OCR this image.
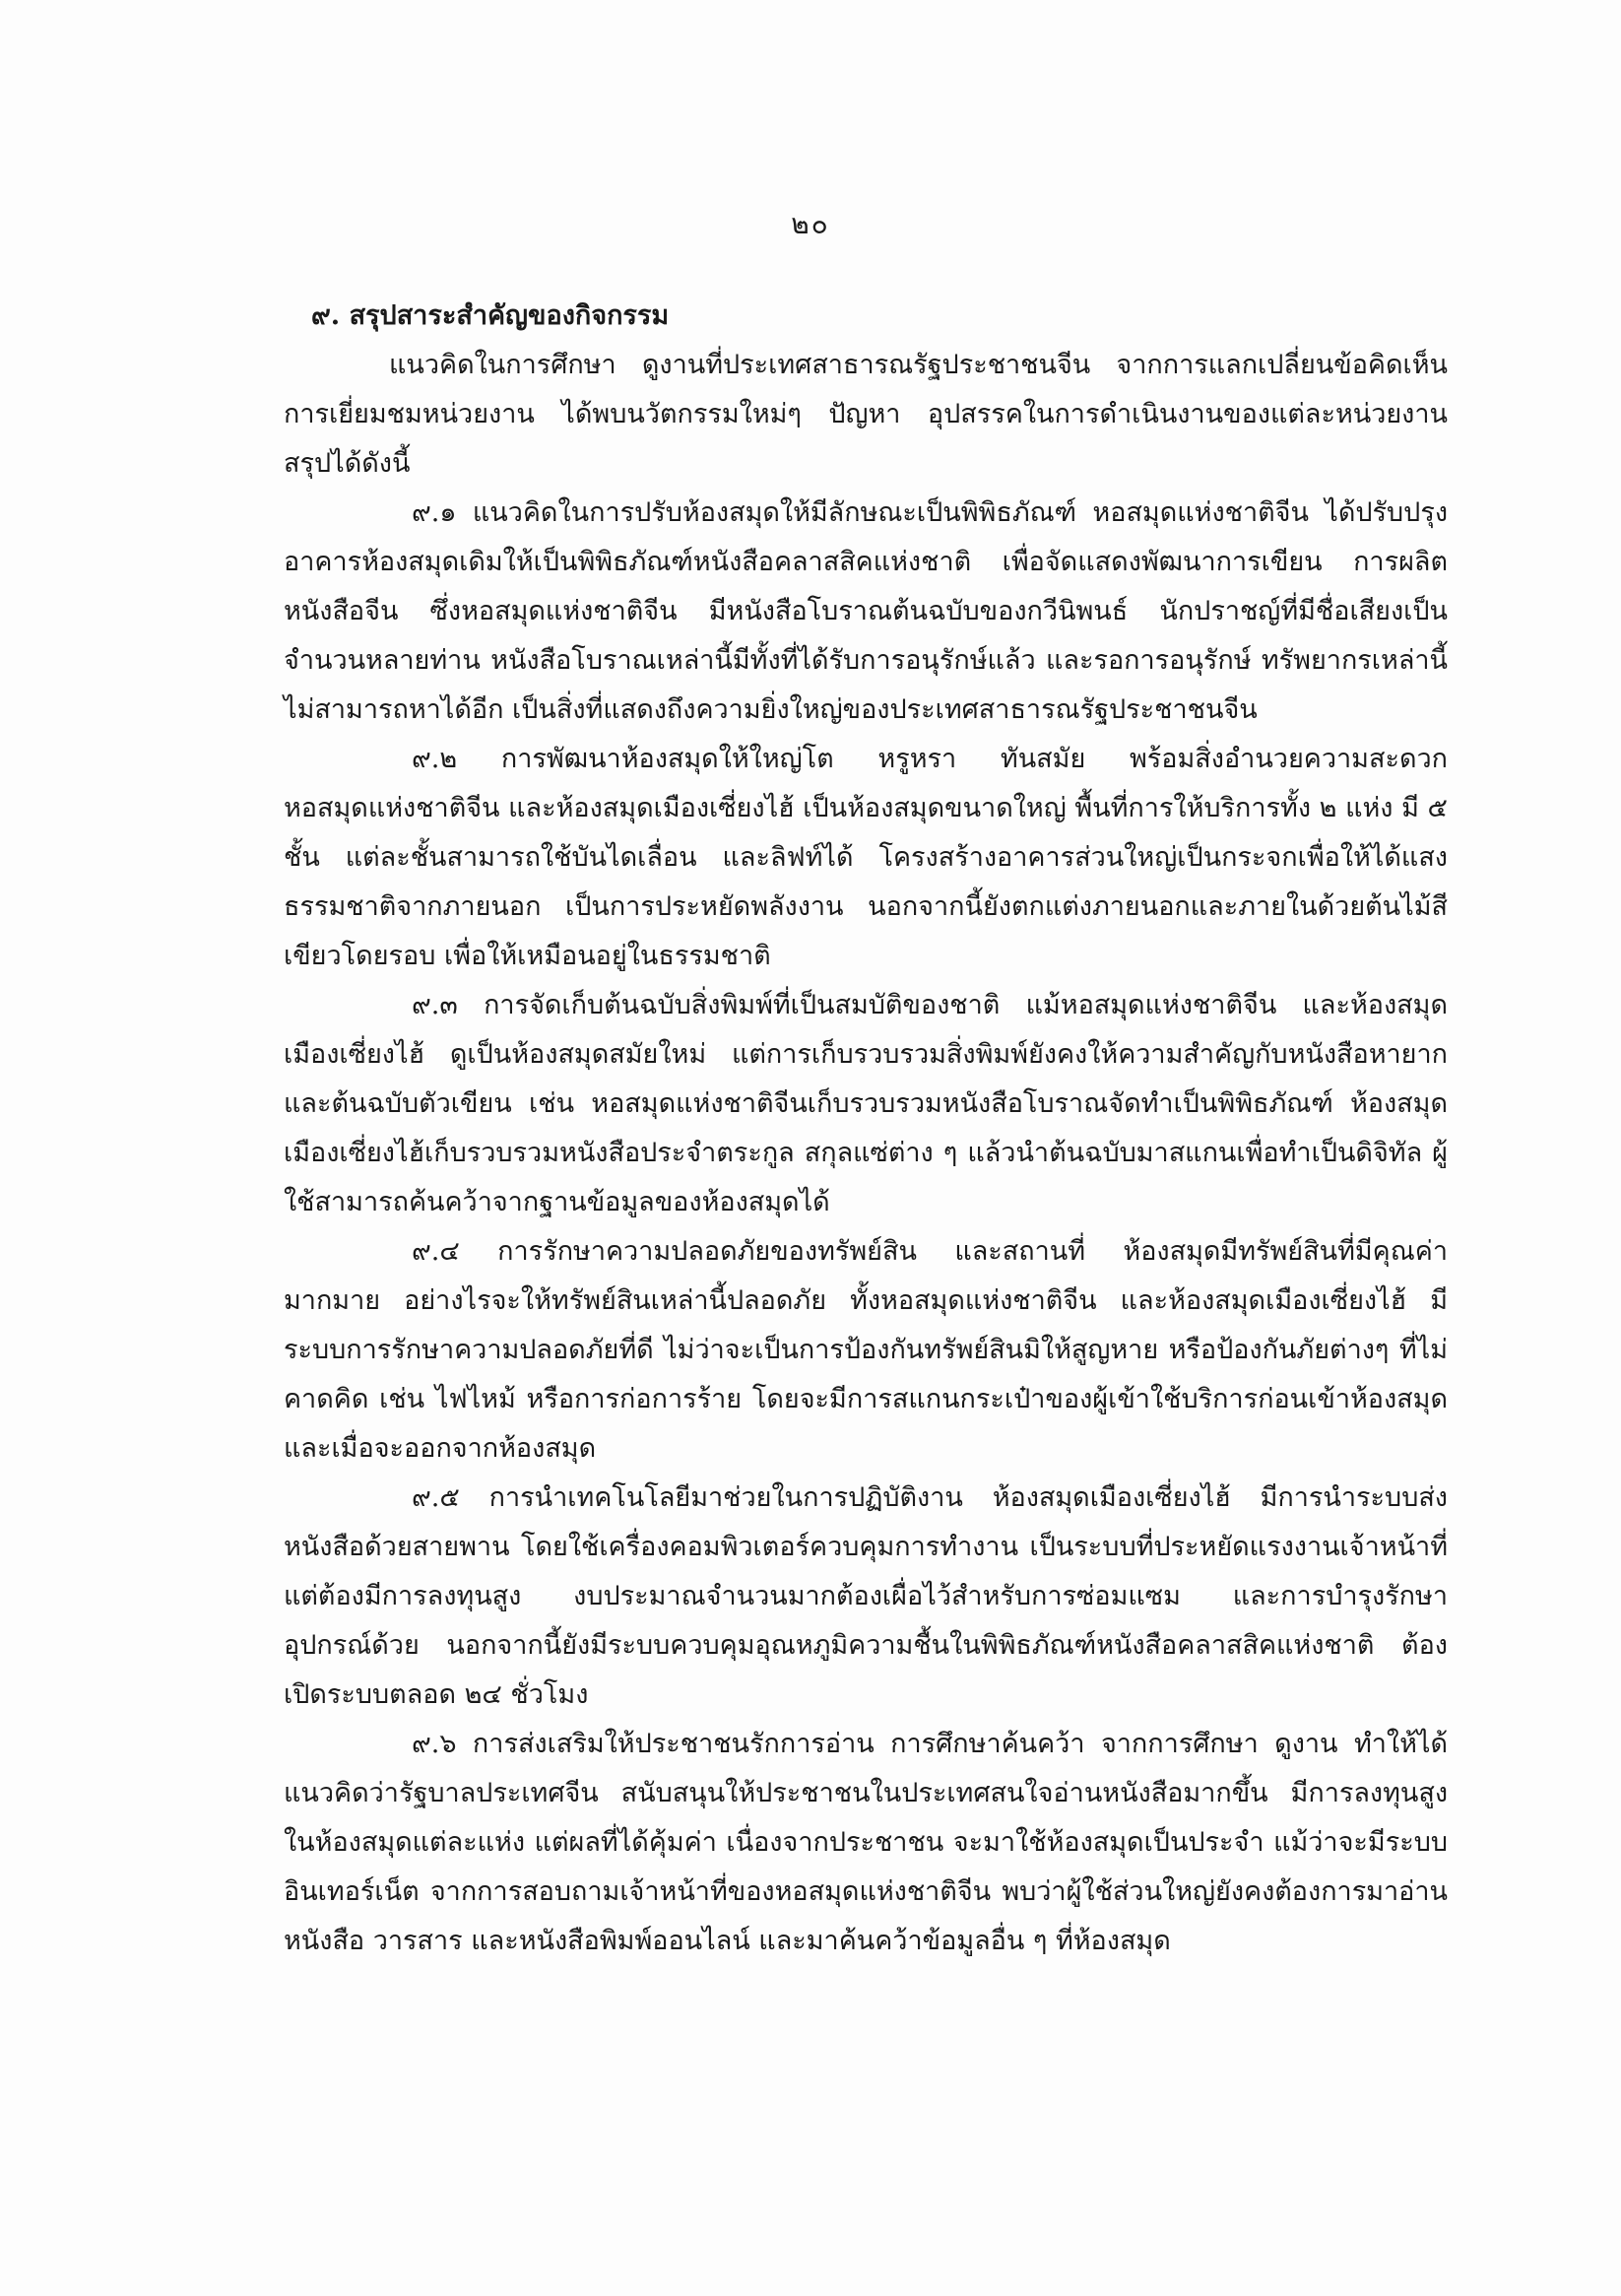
๒๐

๙. สรุปสาระสำคัญของกิจกรรม

แนวคิดในการศึกษา ดูงานที่ประเทศสาธารณรัฐประชาชนจีน จากการแลกเปลี่ยนข้อคิดเห็น การเยี่ยมชมหน่วยงาน ได้พบนวัตกรรมใหม่ๆ ปัญหา อุปสรรคในการดำเนินงานของแต่ละหน่วยงาน สรุปได้ดังนี้

๙.๑ แนวคิดในการปรับห้องสมุดให้มีลักษณะเป็นพิพิธภัณฑ์ หอสมุดแห่งชาติจีน ได้ปรับปรุงอาคารห้องสมุดเดิมให้เป็นพิพิธภัณฑ์หนังสือคลาสสิคแห่งชาติ เพื่อจัดแสดงพัฒนาการเขียน การผลิตหนังสือจีน ซึ่งหอสมุดแห่งชาติจีน มีหนังสือโบราณต้นฉบับของกวีนิพนธ์ นักปราชญ์ที่มีชื่อเสียงเป็นจำนวนหลายท่าน หนังสือโบราณเหล่านี้มีทั้งที่ได้รับการอนุรักษ์แล้ว และรอการอนุรักษ์ ทรัพยากรเหล่านี้ไม่สามารถหาได้อีก เป็นสิ่งที่แสดงถึงความยิ่งใหญ่ของประเทศสาธารณรัฐประชาชนจีน

๙.๒ การพัฒนาห้องสมุดให้ใหญ่โต หรูหรา ทันสมัย พร้อมสิ่งอำนวยความสะดวก หอสมุดแห่งชาติจีน และห้องสมุดเมืองเซี่ยงไฮ้ เป็นห้องสมุดขนาดใหญ่ พื้นที่การให้บริการทั้ง ๒ แห่ง มี ๕ ชั้น แต่ละชั้นสามารถใช้บันไดเลื่อน และลิฟท์ได้ โครงสร้างอาคารส่วนใหญ่เป็นกระจกเพื่อให้ได้แสงธรรมชาติจากภายนอก เป็นการประหยัดพลังงาน นอกจากนี้ยังตกแต่งภายนอกและภายในด้วยต้นไม้สีเขียวโดยรอบ เพื่อให้เหมือนอยู่ในธรรมชาติ

๙.๓ การจัดเก็บต้นฉบับสิ่งพิมพ์ที่เป็นสมบัติของชาติ แม้หอสมุดแห่งชาติจีน และห้องสมุดเมืองเซี่ยงไฮ้ ดูเป็นห้องสมุดสมัยใหม่ แต่การเก็บรวบรวมสิ่งพิมพ์ยังคงให้ความสำคัญกับหนังสือหายาก และต้นฉบับตัวเขียน เช่น หอสมุดแห่งชาติจีนเก็บรวบรวมหนังสือโบราณจัดทำเป็นพิพิธภัณฑ์ ห้องสมุดเมืองเซี่ยงไฮ้เก็บรวบรวมหนังสือประจำตระกูล สกุลแซ่ต่าง ๆ แล้วนำต้นฉบับมาสแกนเพื่อทำเป็นดิจิทัล ผู้ใช้สามารถค้นคว้าจากฐานข้อมูลของห้องสมุดได้

๙.๔ การรักษาความปลอดภัยของทรัพย์สิน และสถานที่ ห้องสมุดมีทรัพย์สินที่มีคุณค่ามากมาย อย่างไรจะให้ทรัพย์สินเหล่านี้ปลอดภัย ทั้งหอสมุดแห่งชาติจีน และห้องสมุดเมืองเซี่ยงไฮ้ มีระบบการรักษาความปลอดภัยที่ดี ไม่ว่าจะเป็นการป้องกันทรัพย์สินมิให้สูญหาย หรือป้องกันภัยต่างๆ ที่ไม่คาดคิด เช่น ไฟไหม้ หรือการก่อการร้าย โดยจะมีการสแกนกระเป๋าของผู้เข้าใช้บริการก่อนเข้าห้องสมุด และเมื่อจะออกจากห้องสมุด

๙.๕ การนำเทคโนโลยีมาช่วยในการปฏิบัติงาน ห้องสมุดเมืองเซี่ยงไฮ้ มีการนำระบบส่งหนังสือด้วยสายพาน โดยใช้เครื่องคอมพิวเตอร์ควบคุมการทำงาน เป็นระบบที่ประหยัดแรงงานเจ้าหน้าที่ แต่ต้องมีการลงทุนสูง งบประมาณจำนวนมากต้องเผื่อไว้สำหรับการซ่อมแซม และการบำรุงรักษาอุปกรณ์ด้วย นอกจากนี้ยังมีระบบควบคุมอุณหภูมิความชื้นในพิพิธภัณฑ์หนังสือคลาสสิคแห่งชาติ ต้องเปิดระบบตลอด ๒๔ ชั่วโมง

๙.๖ การส่งเสริมให้ประชาชนรักการอ่าน การศึกษาค้นคว้า จากการศึกษา ดูงาน ทำให้ได้แนวคิดว่ารัฐบาลประเทศจีน สนับสนุนให้ประชาชนในประเทศสนใจอ่านหนังสือมากขึ้น มีการลงทุนสูงในห้องสมุดแต่ละแห่ง แต่ผลที่ได้คุ้มค่า เนื่องจากประชาชน จะมาใช้ห้องสมุดเป็นประจำ แม้ว่าจะมีระบบอินเทอร์เน็ต จากการสอบถามเจ้าหน้าที่ของหอสมุดแห่งชาติจีน พบว่าผู้ใช้ส่วนใหญ่ยังคงต้องการมาอ่านหนังสือ วารสาร และหนังสือพิมพ์ออนไลน์ และมาค้นคว้าข้อมูลอื่น ๆ ที่ห้องสมุด
